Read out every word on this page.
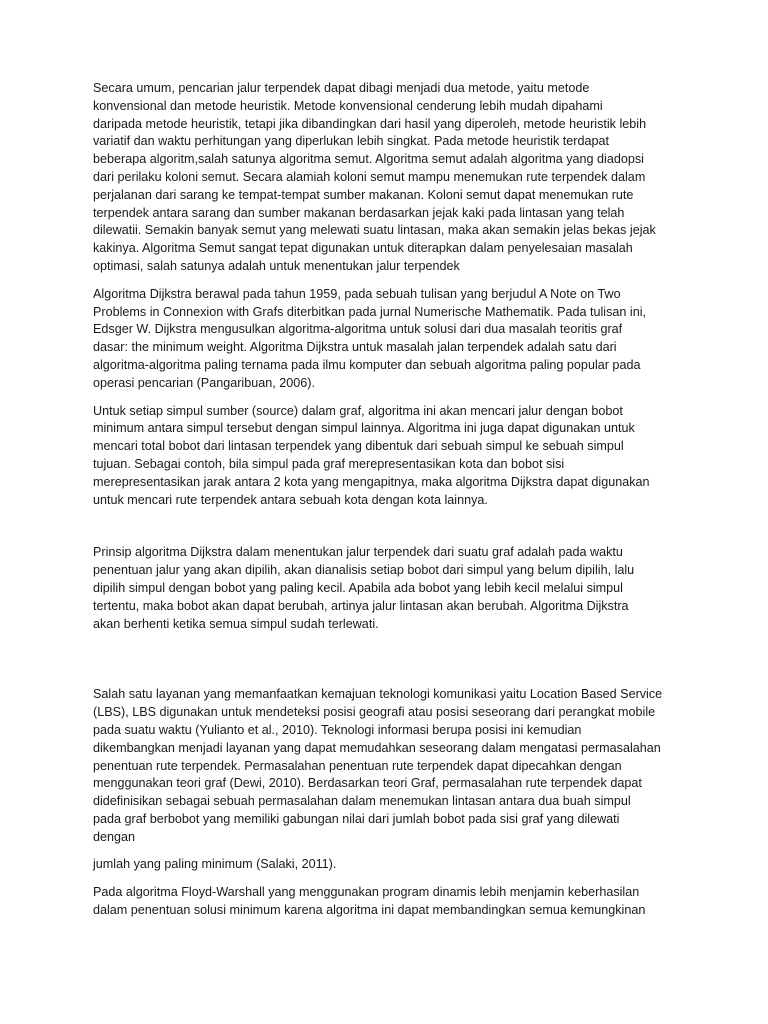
Secara umum, pencarian jalur terpendek dapat dibagi menjadi dua metode, yaitu metode
konvensional dan metode heuristik. Metode konvensional cenderung lebih mudah dipahami
daripada metode heuristik, tetapi jika dibandingkan dari hasil yang diperoleh, metode heuristik lebih
variatif dan waktu perhitungan yang diperlukan lebih singkat. Pada metode heuristik terdapat
beberapa algoritm,salah satunya algoritma semut. Algoritma semut adalah algoritma yang diadopsi
dari perilaku koloni semut. Secara alamiah koloni semut mampu menemukan rute terpendek dalam
perjalanan dari sarang ke tempat-tempat sumber makanan. Koloni semut dapat menemukan rute
terpendek antara sarang dan sumber makanan berdasarkan jejak kaki pada lintasan yang telah
dilewatii. Semakin banyak semut yang melewati suatu lintasan, maka akan semakin jelas bekas jejak
kakinya. Algoritma Semut sangat tepat digunakan untuk diterapkan dalam penyelesaian masalah
optimasi, salah satunya adalah untuk menentukan jalur terpendek

Algoritma Dijkstra berawal pada tahun 1959, pada sebuah tulisan yang berjudul A Note on Two
Problems in Connexion with Grafs diterbitkan pada jurnal Numerische Mathematik. Pada tulisan ini,
Edsger W. Dijkstra mengusulkan algoritma-algoritma untuk solusi dari dua masalah teoritis graf
dasar: the minimum weight. Algoritma Dijkstra untuk masalah jalan terpendek adalah satu dari
algoritma-algoritma paling ternama pada ilmu komputer dan sebuah algoritma paling popular pada
operasi pencarian (Pangaribuan, 2006).

Untuk setiap simpul sumber (source) dalam graf, algoritma ini akan mencari jalur dengan bobot
minimum antara simpul tersebut dengan simpul lainnya. Algoritma ini juga dapat digunakan untuk
mencari total bobot dari lintasan terpendek yang dibentuk dari sebuah simpul ke sebuah simpul
tujuan. Sebagai contoh, bila simpul pada graf merepresentasikan kota dan bobot sisi
merepresentasikan jarak antara 2 kota yang mengapitnya, maka algoritma Dijkstra dapat digunakan
untuk mencari rute terpendek antara sebuah kota dengan kota lainnya.

Prinsip algoritma Dijkstra dalam menentukan jalur terpendek dari suatu graf adalah pada waktu
penentuan jalur yang akan dipilih, akan dianalisis setiap bobot dari simpul yang belum dipilih, lalu
dipilih simpul dengan bobot yang paling kecil. Apabila ada bobot yang lebih kecil melalui simpul
tertentu, maka bobot akan dapat berubah, artinya jalur lintasan akan berubah. Algoritma Dijkstra
akan berhenti ketika semua simpul sudah terlewati.

Salah satu layanan yang memanfaatkan kemajuan teknologi komunikasi yaitu Location Based Service
(LBS), LBS digunakan untuk mendeteksi posisi geografi atau posisi seseorang dari perangkat mobile
pada suatu waktu (Yulianto et al., 2010). Teknologi informasi berupa posisi ini kemudian
dikembangkan menjadi layanan yang dapat memudahkan seseorang dalam mengatasi permasalahan
penentuan rute terpendek. Permasalahan penentuan rute terpendek dapat dipecahkan dengan
menggunakan teori graf (Dewi, 2010). Berdasarkan teori Graf, permasalahan rute terpendek dapat
didefinisikan sebagai sebuah permasalahan dalam menemukan lintasan antara dua buah simpul
pada graf berbobot yang memiliki gabungan nilai dari jumlah bobot pada sisi graf yang dilewati
dengan

jumlah yang paling minimum (Salaki, 2011).

Pada algoritma Floyd-Warshall yang menggunakan program dinamis lebih menjamin keberhasilan
dalam penentuan solusi minimum karena algoritma ini dapat membandingkan semua kemungkinan
